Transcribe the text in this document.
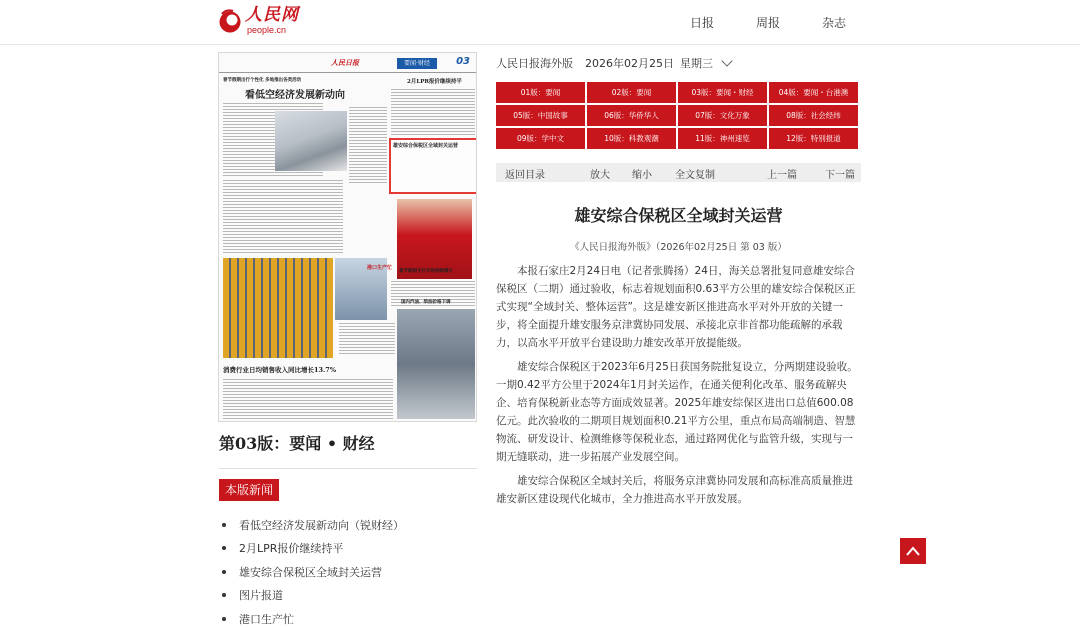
人民网
people.cn	日报	周报	杂志
人民日报	要闻·财经	03
春节假期出行个性化 多地推出各类活动
看低空经济发展新动向
2月LPR报价继续持平
雄安综合保税区全域封关运营
港口生产忙
春节期间支付市场持续增长
国内汽油、柴油价格下调
消费行业日均销售收入同比增长13.7%
第03版：要闻 • 财经
本版新闻
看低空经济发展新动向（锐财经）
2月LPR报价继续持平
雄安综合保税区全域封关运营
图片报道
港口生产忙
人民日报海外版 2026年02月25日 星期三
01版：要闻	02版：要闻	03版：要闻・财经	04版：要闻・台港澳
05版：中国故事	06版：华侨华人	07版：文化万象	08版：社会经纬
09版：学中文	10版：科教观潮	11版：神州速览	12版：特别报道
返回目录	放大 缩小 全文复制	上一篇	下一篇
雄安综合保税区全域封关运营
《人民日报海外版》（2026年02月25日 第 03 版）

本报石家庄2月24日电（记者张腾扬）24日，海关总署批复同意雄安综合保税区（二期）通过验收，标志着规划面积0.63平方公里的雄安综合保税区正式实现“全域封关、整体运营”。这是雄安新区推进高水平对外开放的关键一步，将全面提升雄安服务京津冀协同发展、承接北京非首都功能疏解的承载力，以高水平开放平台建设助力雄安改革开放提能级。

雄安综合保税区于2023年6月25日获国务院批复设立，分两期建设验收。一期0.42平方公里于2024年1月封关运作，在通关便利化改革、服务疏解央企、培育保税新业态等方面成效显著。2025年雄安综保区进出口总值600.08亿元。此次验收的二期项目规划面积0.21平方公里，重点布局高端制造、智慧物流、研发设计、检测维修等保税业态，通过路网优化与监管升级，实现与一期无缝联动，进一步拓展产业发展空间。

雄安综合保税区全域封关后，将服务京津冀协同发展和高标准高质量推进雄安新区建设现代化城市，全力推进高水平开放发展。
